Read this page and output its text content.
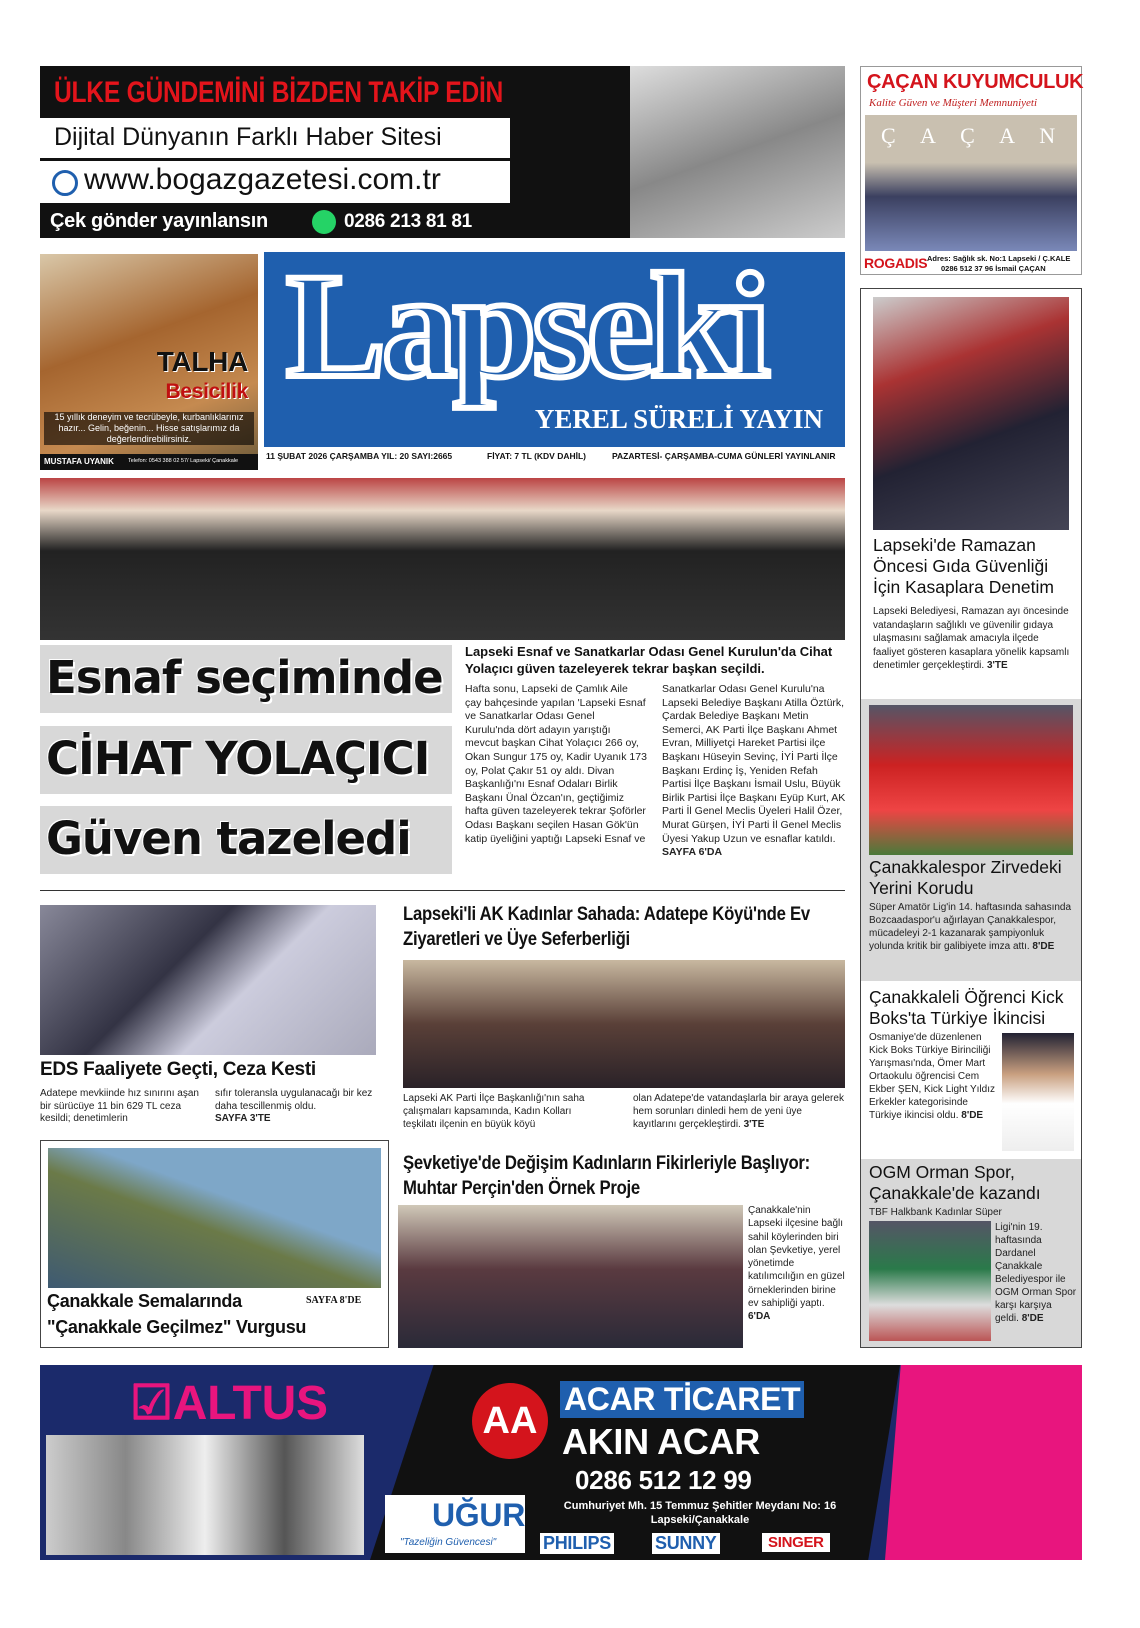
ÜLKE GÜNDEMİNİ BİZDEN TAKİP EDİN
Dijital Dünyanın Farklı Haber Sitesi
www.bogazgazetesi.com.tr
Çek gönder yayınlansın	0286 213 81 81
ÇAÇAN KUYUMCULUK
Kalite Güven ve Müşteri Memnuniyeti
Ç A Ç A N
ROGADIS Adres: Sağlık sk. No:1 Lapseki / Ç.KALE
0286 512 37 96 İsmail ÇAÇAN
TALHA
Besicilik
15 yıllık deneyim ve tecrübeyle, kurbanlıklarınız hazır... Gelin, beğenin... Hisse satışlarımız da değerlendirebilirsiniz.
MUSTAFA UYANIK	Telefon: 0543 388 02 57/ Lapseki/ Çanakkale
Lapseki
YEREL SÜRELİ YAYIN
11 ŞUBAT 2026 ÇARŞAMBA YIL: 20 SAYI:2665	FİYAT: 7 TL (KDV DAHİL)	PAZARTESİ- ÇARŞAMBA-CUMA GÜNLERİ YAYINLANIR
Esnaf seçiminde
CİHAT YOLAÇICI
Güven tazeledi
Lapseki Esnaf ve Sanatkarlar Odası Genel Kurulun'da Cihat Yolaçıcı güven tazeleyerek tekrar başkan seçildi.
Hafta sonu, Lapseki de Çamlık Aile çay bahçesinde yapılan 'Lapseki Esnaf ve Sanatkarlar Odası Genel Kurulu'nda dört adayın yarıştığı mevcut başkan Cihat Yolaçıcı 266 oy, Okan Sungur 175 oy, Kadir Uyanık 173 oy, Polat Çakır 51 oy aldı. Divan Başkanlığı'nı Esnaf Odaları Birlik Başkanı Ünal Özcan'ın, geçtiğimiz hafta güven tazeleyerek tekrar Şoförler Odası Başkanı seçilen Hasan Gök'ün katip üyeliğini yaptığı Lapseki Esnaf ve
Sanatkarlar Odası Genel Kurulu'na Lapseki Belediye Başkanı Atilla Öztürk, Çardak Belediye Başkanı Metin Semerci, AK Parti İlçe Başkanı Ahmet Evran, Milliyetçi Hareket Partisi ilçe Başkanı Hüseyin Sevinç, İYİ Parti İlçe Başkanı Erdinç İş, Yeniden Refah Partisi İlçe Başkanı İsmail Uslu, Büyük Birlik Partisi İlçe Başkanı Eyüp Kurt, AK Parti İl Genel Meclis Üyeleri Halil Özer, Murat Gürşen, İYİ Parti İl Genel Meclis Üyesi Yakup Uzun ve esnaflar katıldı. SAYFA 6'DA
EDS Faaliyete Geçti, Ceza Kesti
Adatepe mevkiinde hız sınırını aşan bir sürücüye 11 bin 629 TL ceza kesildi; denetimlerin
sıfır toleransla uygulanacağı bir kez daha tescillenmiş oldu.
SAYFA 3'TE
Lapseki'li AK Kadınlar Sahada: Adatepe Köyü'nde Ev Ziyaretleri ve Üye Seferberliği
Lapseki AK Parti İlçe Başkanlığı'nın saha çalışmaları kapsamında, Kadın Kolları teşkilatı ilçenin en büyük köyü
olan Adatepe'de vatandaşlarla bir araya gelerek hem sorunları dinledi hem de yeni üye kayıtlarını gerçekleştirdi. 3'TE
Çanakkale Semalarında	SAYFA 8'DE
"Çanakkale Geçilmez" Vurgusu
Şevketiye'de Değişim Kadınların Fikirleriyle Başlıyor: Muhtar Perçin'den Örnek Proje
Çanakkale'nin Lapseki ilçesine bağlı sahil köylerinden biri olan Şevketiye, yerel yönetimde katılımcılığın en güzel örneklerinden birine ev sahipliği yaptı. 6'DA
Lapseki'de Ramazan Öncesi Gıda Güvenliği İçin Kasaplara Denetim
Lapseki Belediyesi, Ramazan ayı öncesinde vatandaşların sağlıklı ve güvenilir gıdaya ulaşmasını sağlamak amacıyla ilçede faaliyet gösteren kasaplara yönelik kapsamlı denetimler gerçekleştirdi. 3'TE
Çanakkalespor Zirvedeki Yerini Korudu
Süper Amatör Lig'in 14. haftasında sahasında Bozcaadaspor'u ağırlayan Çanakkalespor, mücadeleyi 2-1 kazanarak şampiyonluk yolunda kritik bir galibiyete imza attı. 8'DE
Çanakkaleli Öğrenci Kick Boks'ta Türkiye İkincisi
Osmaniye'de düzenlenen Kick Boks Türkiye Birinciliği Yarışması'nda, Ömer Mart Ortaokulu öğrencisi Cem Ekber ŞEN, Kick Light Yıldız Erkekler kategorisinde Türkiye ikincisi oldu. 8'DE
OGM Orman Spor, Çanakkale'de kazandı
TBF Halkbank Kadınlar Süper
Ligi'nin 19. haftasında Dardanel Çanakkale Belediyespor ile OGM Orman Spor karşı karşıya geldi. 8'DE
☑ALTUS	AA
ACAR TİCARET
AKIN ACAR
0286 512 12 99
Cumhuriyet Mh. 15 Temmuz Şehitler Meydanı No: 16 Lapseki/Çanakkale
UĞUR
"Tazeliğin Güvencesi"	PHILIPS SUNNY	SINGER
